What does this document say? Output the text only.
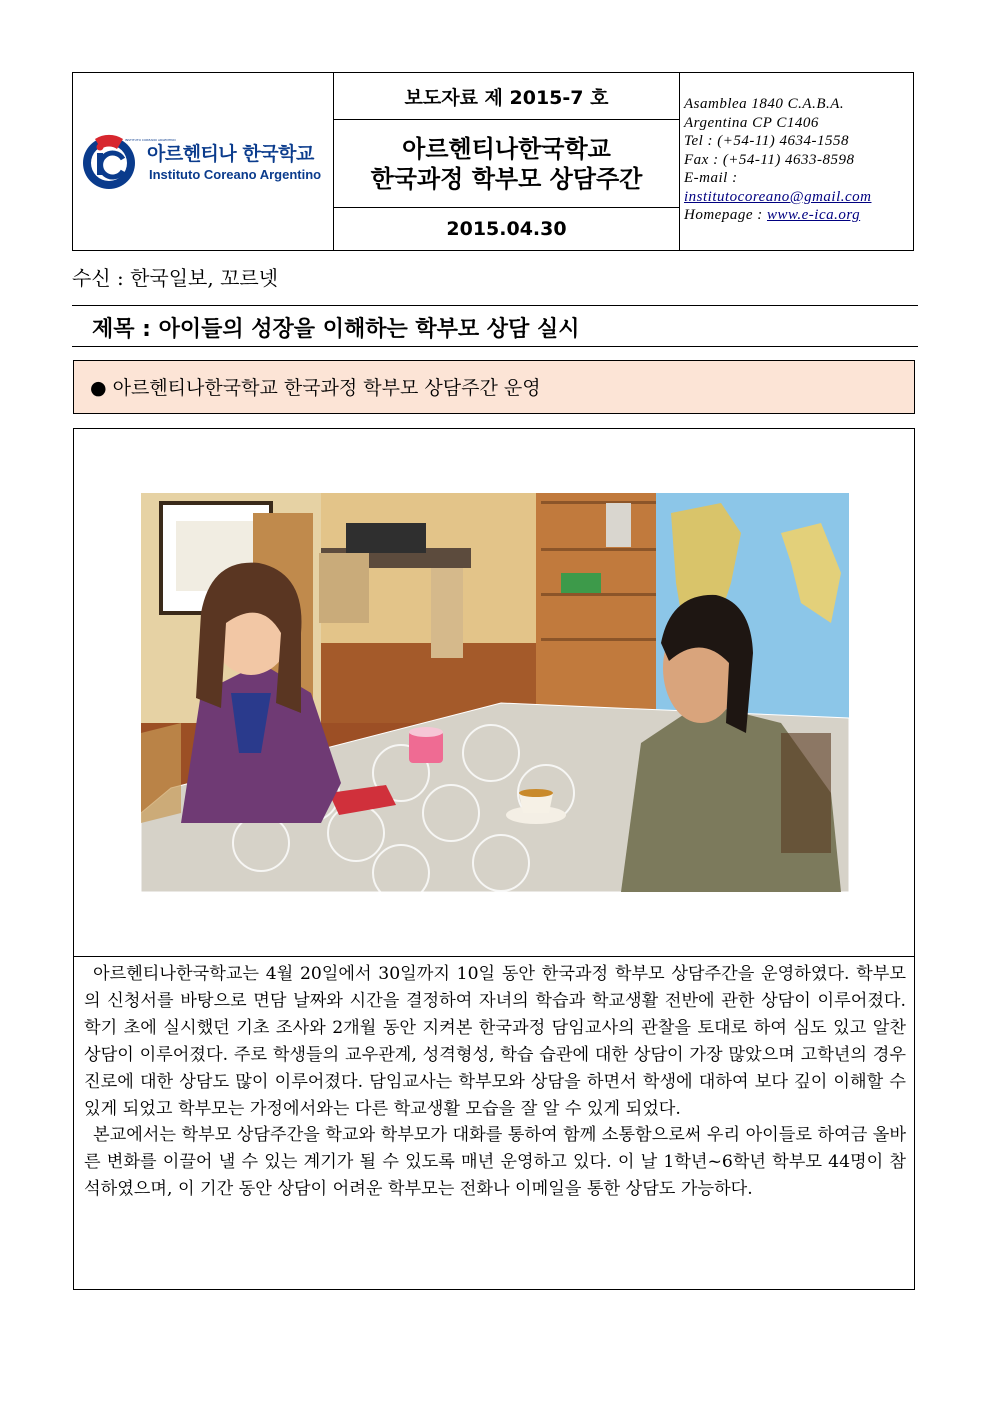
INSTITUTO COREANO ARGENTINO
아르헨티나 한국학교
Instituto Coreano Argentino
보도자료 제 2015-7 호
아르헨티나한국학교
한국과정 학부모 상담주간
2015.04.30
Asamblea 1840 C.A.B.A.
Argentina CP C1406
Tel : (+54-11) 4634-1558
Fax : (+54-11) 4633-8598
E-mail :
institutocoreano@gmail.com
Homepage : www.e-ica.org
수신 : 한국일보, 꼬르넷
제목 : 아이들의 성장을 이해하는 학부모 상담 실시
● 아르헨티나한국학교 한국과정 학부모 상담주간 운영

아르헨티나한국학교는 4월 20일에서 30일까지 10일 동안 한국과정 학부모 상담주간을 운영하였다. 학부모의 신청서를 바탕으로 면담 날짜와 시간을 결정하여 자녀의 학습과 학교생활 전반에 관한 상담이 이루어졌다. 학기 초에 실시했던 기초 조사와 2개월 동안 지켜본 한국과정 담임교사의 관찰을 토대로 하여 심도 있고 알찬 상담이 이루어졌다. 주로 학생들의 교우관계, 성격형성, 학습 습관에 대한 상담이 가장 많았으며 고학년의 경우 진로에 대한 상담도 많이 이루어졌다. 담임교사는 학부모와 상담을 하면서 학생에 대하여 보다 깊이 이해할 수 있게 되었고 학부모는 가정에서와는 다른 학교생활 모습을 잘 알 수 있게 되었다.

본교에서는 학부모 상담주간을 학교와 학부모가 대화를 통하여 함께 소통함으로써 우리 아이들로 하여금 올바른 변화를 이끌어 낼 수 있는 계기가 될 수 있도록 매년 운영하고 있다. 이 날 1학년~6학년 학부모 44명이 참석하였으며, 이 기간 동안 상담이 어려운 학부모는 전화나 이메일을 통한 상담도 가능하다.
